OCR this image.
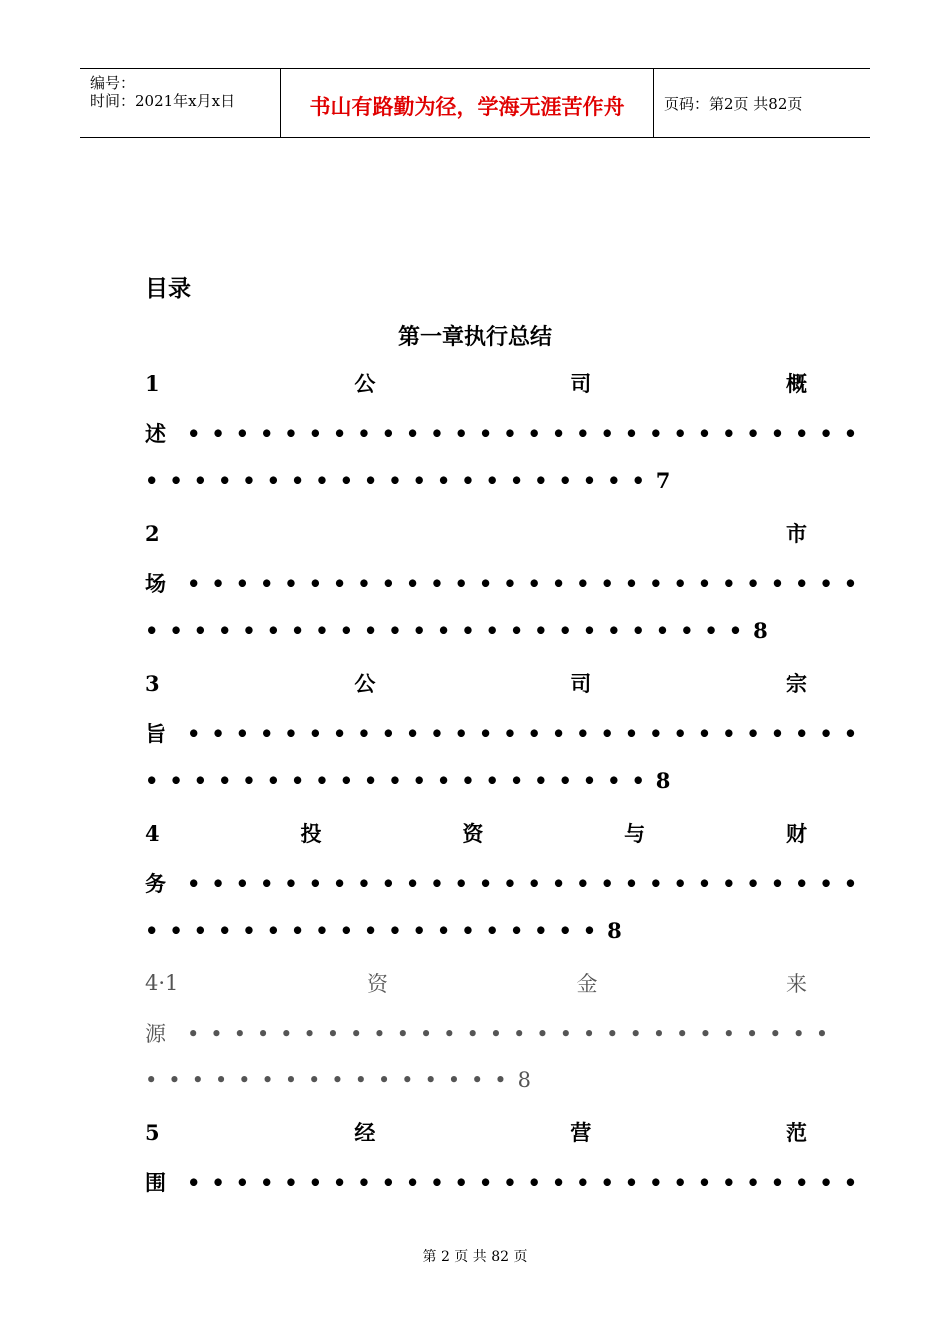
编号：
时间：2021年x月x日	书山有路勤为径，学海无涯苦作舟	页码：第2页 共82页
目录
第一章执行总结
1	公	司	概
述 ••••••••••••••••••••••••••••
•••••••••••••••••••••7
2	市
场 ••••••••••••••••••••••••••••
•••••••••••••••••••••••••8
3	公	司	宗
旨 ••••••••••••••••••••••••••••
•••••••••••••••••••••8
4	投	资	与	财
务 ••••••••••••••••••••••••••••
•••••••••••••••••••8
4·1	资	金	来
源 ••••••••••••••••••••••••••••
••••••••••••••••8
5	经	营	范
围 ••••••••••••••••••••••••••••
第 2 页 共 82 页
